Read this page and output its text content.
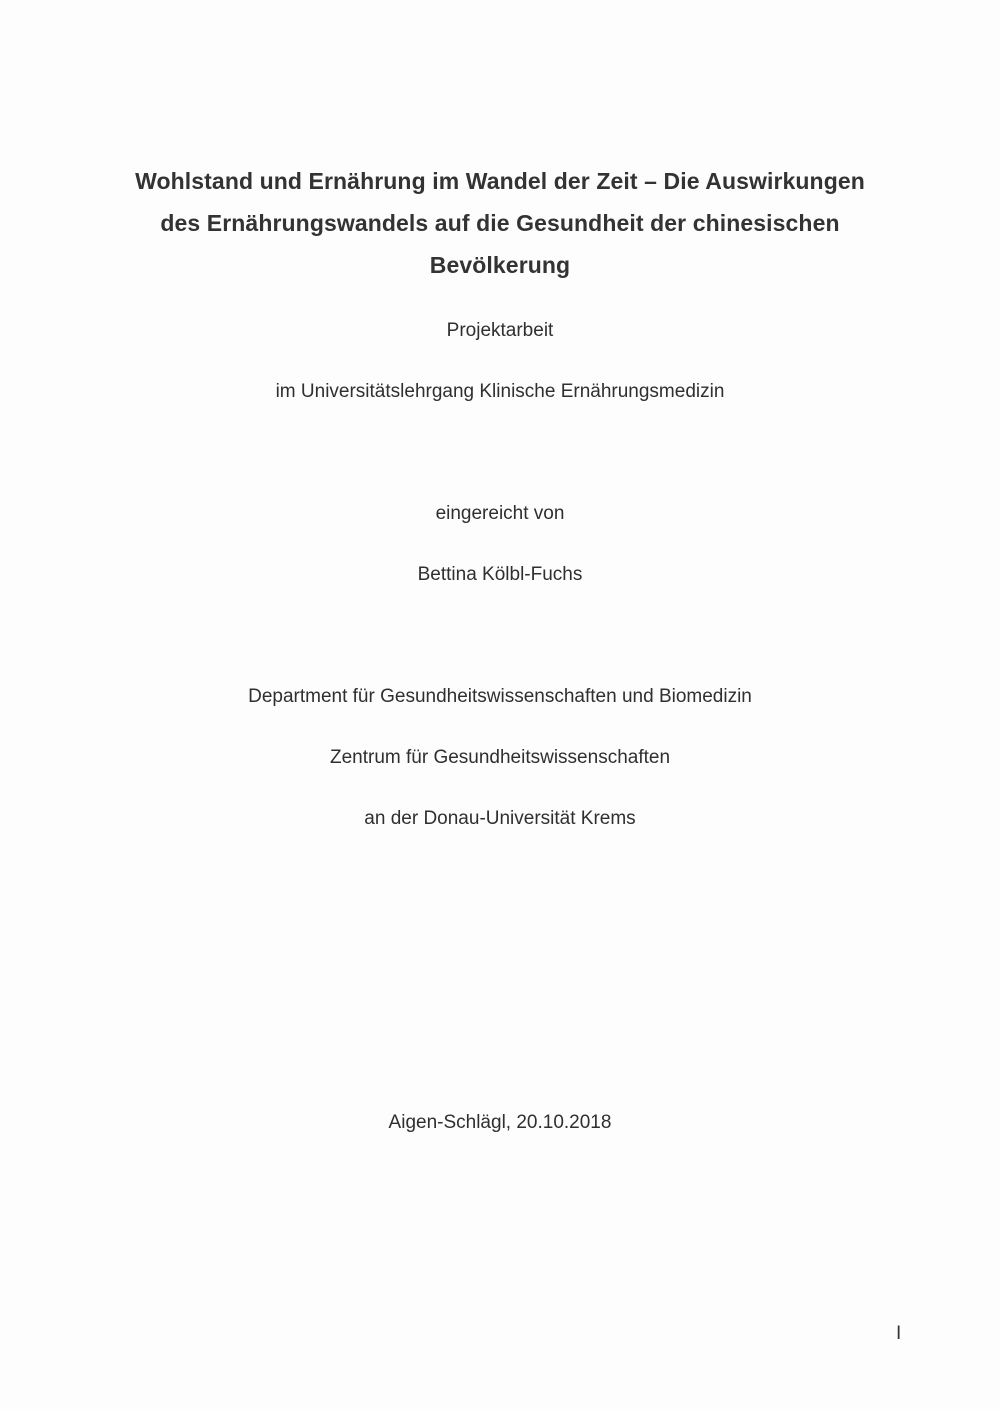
Wohlstand und Ernährung im Wandel der Zeit – Die Auswirkungen
des Ernährungswandels auf die Gesundheit der chinesischen
Bevölkerung
Projektarbeit
im Universitätslehrgang Klinische Ernährungsmedizin
eingereicht von
Bettina Kölbl-Fuchs
Department für Gesundheitswissenschaften und Biomedizin
Zentrum für Gesundheitswissenschaften
an der Donau-Universität Krems
Aigen-Schlägl, 20.10.2018
I
